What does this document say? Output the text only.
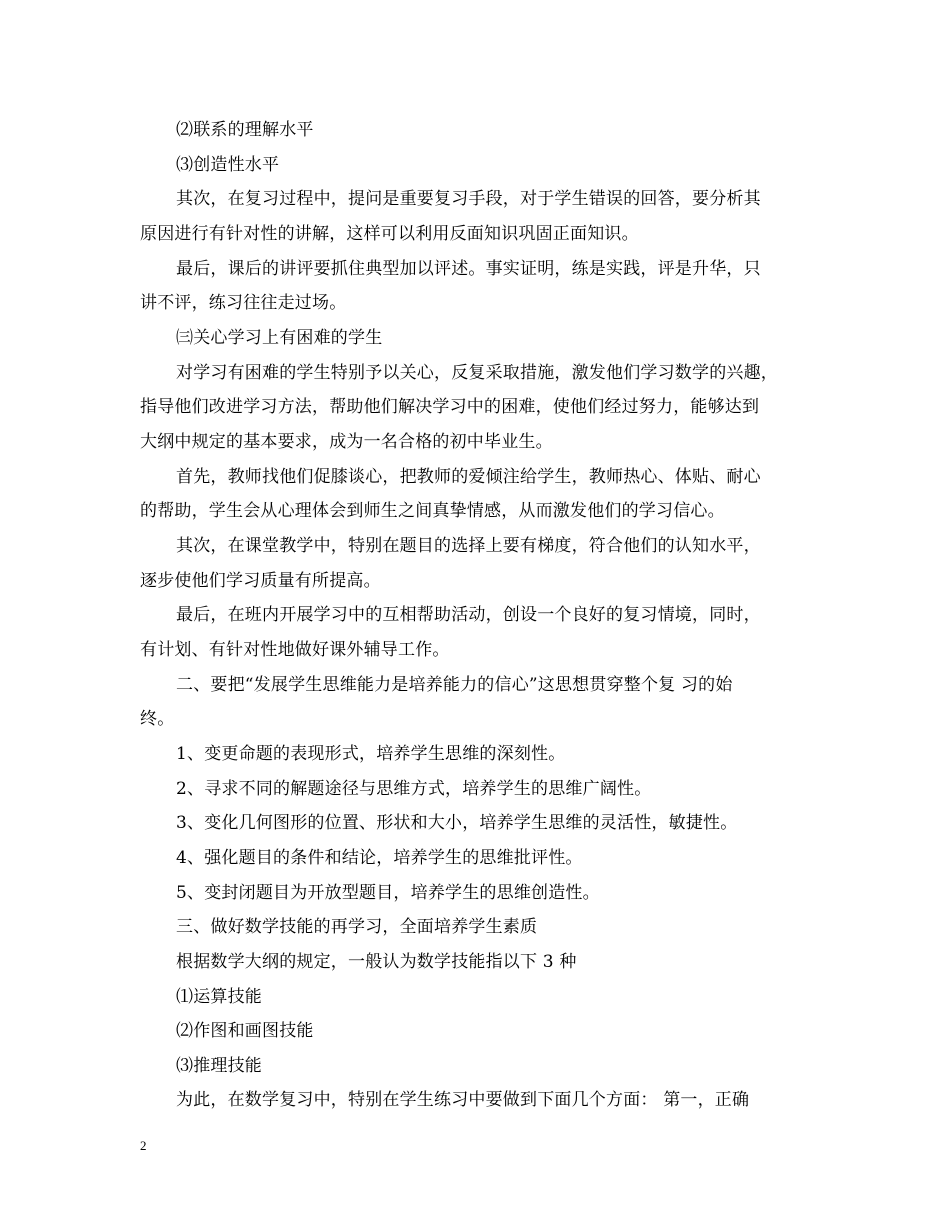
⑵联系的理解水平
⑶创造性水平
其次，在复习过程中，提问是重要复习手段，对于学生错误的回答，要分析其
原因进行有针对性的讲解，这样可以利用反面知识巩固正面知识。
最后，课后的讲评要抓住典型加以评述。事实证明，练是实践，评是升华，只
讲不评，练习往往走过场。
㈢关心学习上有困难的学生
对学习有困难的学生特别予以关心，反复采取措施，激发他们学习数学的兴趣，
指导他们改进学习方法，帮助他们解决学习中的困难，使他们经过努力，能够达到
大纲中规定的基本要求，成为一名合格的初中毕业生。
首先，教师找他们促膝谈心，把教师的爱倾注给学生，教师热心、体贴、耐心
的帮助，学生会从心理体会到师生之间真挚情感，从而激发他们的学习信心。
其次，在课堂教学中，特别在题目的选择上要有梯度，符合他们的认知水平，
逐步使他们学习质量有所提高。
最后，在班内开展学习中的互相帮助活动，创设一个良好的复习情境，同时，
有计划、有针对性地做好课外辅导工作。
二、要把“发展学生思维能力是培养能力的信心”这思想贯穿整个复 习的始
终。
1、变更命题的表现形式，培养学生思维的深刻性。
2、寻求不同的解题途径与思维方式，培养学生的思维广阔性。
3、变化几何图形的位置、形状和大小，培养学生思维的灵活性，敏捷性。
4、强化题目的条件和结论，培养学生的思维批评性。
5、变封闭题目为开放型题目，培养学生的思维创造性。
三、做好数学技能的再学习，全面培养学生素质
根据数学大纲的规定，一般认为数学技能指以下 3 种
⑴运算技能
⑵作图和画图技能
⑶推理技能
为此，在数学复习中，特别在学生练习中要做到下面几个方面： 第一，正确
2
